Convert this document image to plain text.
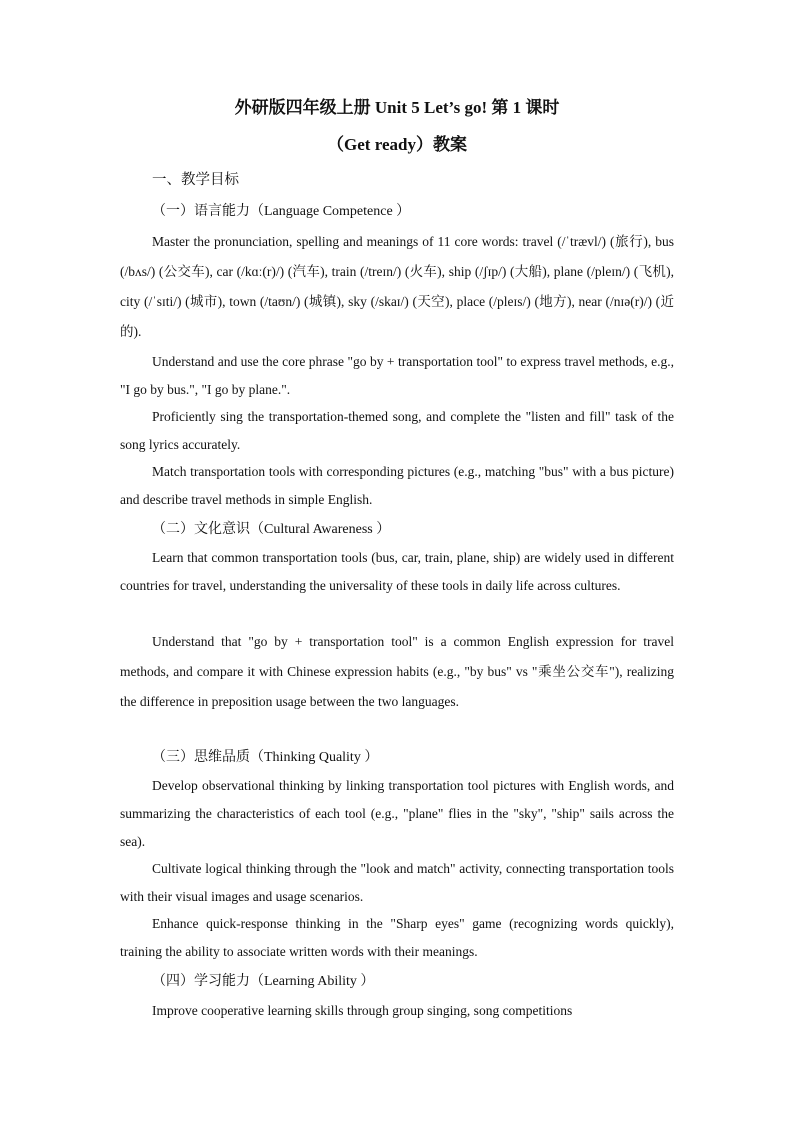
外研版四年级上册 Unit 5 Let’s go! 第 1 课时
（Get ready）教案

一、教学目标

（一）语言能力（Language Competence ）

Master the pronunciation, spelling and meanings of 11 core words: travel (/ˈtrævl/) (旅行), bus (/bʌs/) (公交车), car (/kɑː(r)/) (汽车), train (/treɪn/) (火车), ship (/ʃɪp/) (大船), plane (/pleɪn/) (飞机), city (/ˈsɪti/) (城市), town (/taʊn/) (城镇), sky (/skaɪ/) (天空), place (/pleɪs/) (地方), near (/nɪə(r)/) (近的).

Understand and use the core phrase "go by + transportation tool" to express travel methods, e.g., "I go by bus.", "I go by plane.".

Proficiently sing the transportation-themed song, and complete the "listen and fill" task of the song lyrics accurately.

Match transportation tools with corresponding pictures (e.g., matching "bus" with a bus picture) and describe travel methods in simple English.

（二）文化意识（Cultural Awareness ）

Learn that common transportation tools (bus, car, train, plane, ship) are widely used in different countries for travel, understanding the universality of these tools in daily life across cultures.

Understand that "go by + transportation tool" is a common English expression for travel methods, and compare it with Chinese expression habits (e.g., "by bus" vs "乘坐公交车"), realizing the difference in preposition usage between the two languages.

（三）思维品质（Thinking Quality ）

Develop observational thinking by linking transportation tool pictures with English words, and summarizing the characteristics of each tool (e.g., "plane" flies in the "sky", "ship" sails across the sea).

Cultivate logical thinking through the "look and match" activity, connecting transportation tools with their visual images and usage scenarios.

Enhance quick-response thinking in the "Sharp eyes" game (recognizing words quickly), training the ability to associate written words with their meanings.

（四）学习能力（Learning Ability ）

Improve cooperative learning skills through group singing, song competitions
